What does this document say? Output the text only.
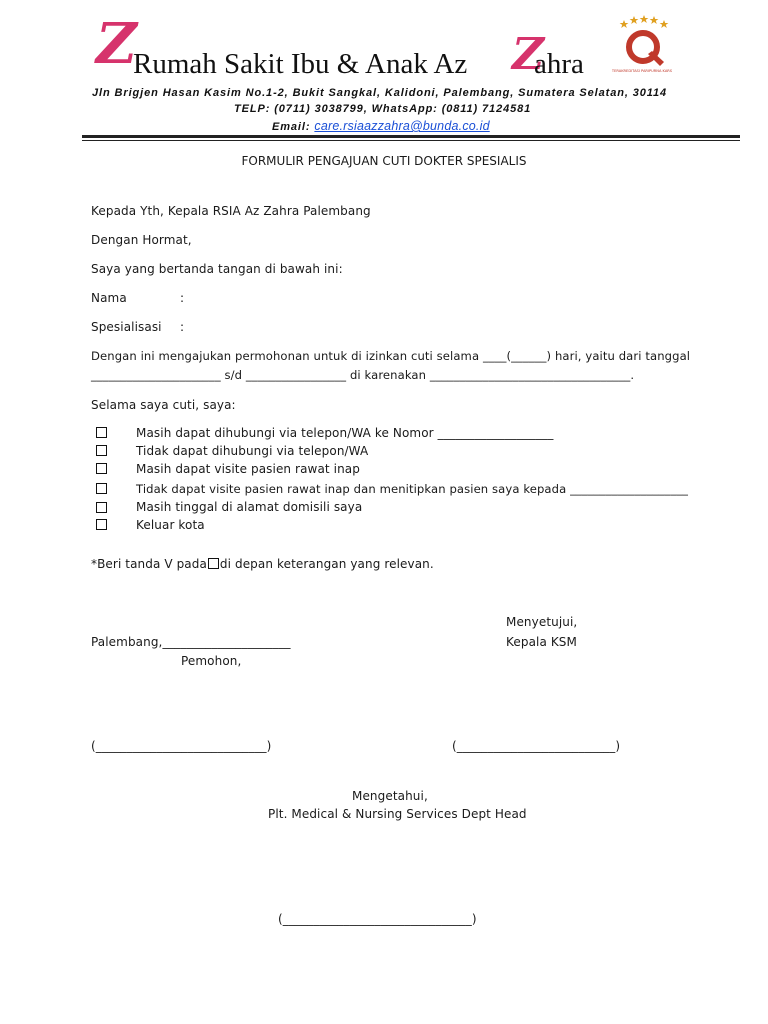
Z
Rumah Sakit Ibu & Anak Az Z
ahra	TERAKREDITASI PARIPURNA KARS
Jln Brigjen Hasan Kasim No.1-2, Bukit Sangkal, Kalidoni, Palembang, Sumatera Selatan, 30114
TELP: (0711) 3038799, WhatsApp: (0811) 7124581
Email: care.rsiaazzahra@bunda.co.id
FORMULIR PENGAJUAN CUTI DOKTER SPESIALIS
Kepada Yth, Kepala RSIA Az Zahra Palembang
Dengan Hormat,
Saya yang bertanda tangan di bawah ini:
Nama	:
Spesialisasi :
Dengan ini mengajukan permohonan untuk di izinkan cuti selama ____(______) hari, yaitu dari tanggal
______________________ s/d _________________ di karenakan __________________________________.
Selama saya cuti, saya:
Masih dapat dihubungi via telepon/WA ke Nomor ___________________
Tidak dapat dihubungi via telepon/WA
Masih dapat visite pasien rawat inap
Tidak dapat visite pasien rawat inap dan menitipkan pasien saya kepada ____________________
Masih tinggal di alamat domisili saya
Keluar kota
*Beri tanda V pada di depan keterangan yang relevan.
Menyetujui,
Palembang,_____________________	Kepala KSM
Pemohon,
(____________________________)	(__________________________)
Mengetahui,
Plt. Medical & Nursing Services Dept Head
(_______________________________)
